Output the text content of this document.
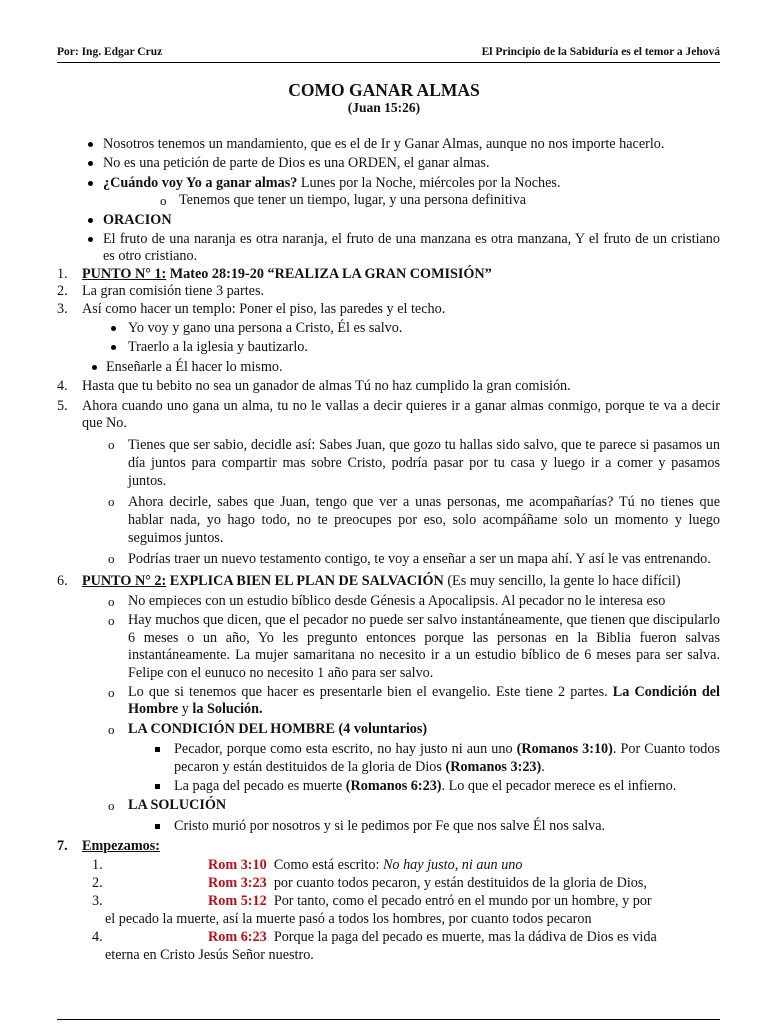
Por: Ing. Edgar Cruz	El Principio de la Sabiduría es el temor a Jehová
COMO GANAR ALMAS
(Juan 15:26)
Nosotros tenemos un mandamiento, que es el de Ir y Ganar Almas, aunque no nos importe hacerlo.
No es una petición de parte de Dios es una ORDEN, el ganar almas.
¿Cuándo voy Yo a ganar almas? Lunes por la Noche, miércoles por la Noches.
o Tenemos que tener un tiempo, lugar, y una persona definitiva
ORACION
El fruto de una naranja es otra naranja, el fruto de una manzana es otra manzana, Y el fruto de un cristiano es otro cristiano.
1. PUNTO N° 1: Mateo 28:19-20 “REALIZA LA GRAN COMISIÓN”
2. La gran comisión tiene 3 partes.
3. Así como hacer un templo: Poner el piso, las paredes y el techo.
Yo voy y gano una persona a Cristo, Él es salvo.
Traerlo a la iglesia y bautizarlo.
Enseñarle a Él hacer lo mismo.
4. Hasta que tu bebito no sea un ganador de almas Tú no haz cumplido la gran comisión.
5. Ahora cuando uno gana un alma, tu no le vallas a decir quieres ir a ganar almas conmigo, porque te va a decir que No.
o Tienes que ser sabio, decidle así: Sabes Juan, que gozo tu hallas sido salvo, que te parece si pasamos un día juntos para compartir mas sobre Cristo, podría pasar por tu casa y luego ir a comer y pasamos juntos.
o Ahora decirle, sabes que Juan, tengo que ver a unas personas, me acompañarías? Tú no tienes que hablar nada, yo hago todo, no te preocupes por eso, solo acompáñame solo un momento y luego seguimos juntos.
o Podrías traer un nuevo testamento contigo, te voy a enseñar a ser un mapa ahí. Y así le vas entrenando.
6. PUNTO N° 2: EXPLICA BIEN EL PLAN DE SALVACIÓN (Es muy sencillo, la gente lo hace difícil)
o No empieces con un estudio bíblico desde Génesis a Apocalipsis. Al pecador no le interesa eso
o Hay muchos que dicen, que el pecador no puede ser salvo instantáneamente, que tienen que discipularlo 6 meses o un año, Yo les pregunto entonces porque las personas en la Biblia fueron salvas instantáneamente. La mujer samaritana no necesito ir a un estudio bíblico de 6 meses para ser salva. Felipe con el eunuco no necesito 1 año para ser salvo.
o Lo que si tenemos que hacer es presentarle bien el evangelio. Este tiene 2 partes. La Condición del Hombre y la Solución.
o LA CONDICIÓN DEL HOMBRE (4 voluntarios)
Pecador, porque como esta escrito, no hay justo ni aun uno (Romanos 3:10). Por Cuanto todos pecaron y están destituidos de la gloria de Dios (Romanos 3:23).
La paga del pecado es muerte (Romanos 6:23). Lo que el pecador merece es el infierno.
o LA SOLUCIÓN
Cristo murió por nosotros y si le pedimos por Fe que nos salve Él nos salva.
7. Empezamos:
1.	Rom 3:10 Como está escrito: No hay justo, ni aun uno
2.	Rom 3:23 por cuanto todos pecaron, y están destituidos de la gloria de Dios,
3.	Rom 5:12 Por tanto, como el pecado entró en el mundo por un hombre, y por
el pecado la muerte, así la muerte pasó a todos los hombres, por cuanto todos pecaron
4.	Rom 6:23 Porque la paga del pecado es muerte, mas la dádiva de Dios es vida
eterna en Cristo Jesús Señor nuestro.
